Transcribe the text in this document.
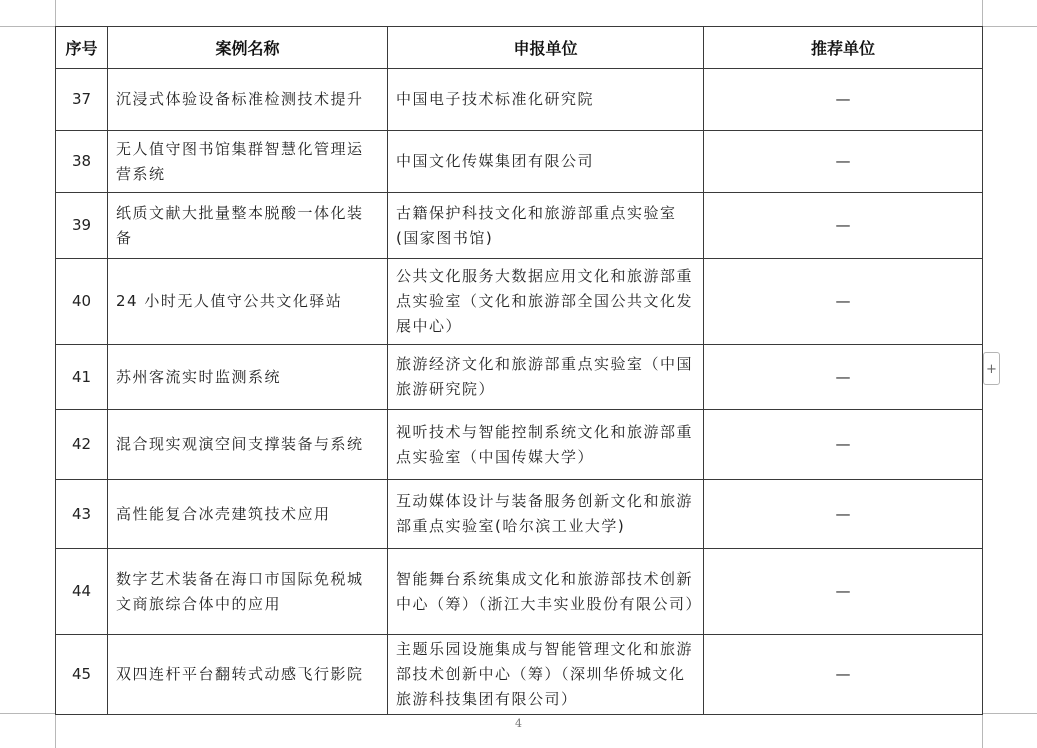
序号	案例名称	申报单位	推荐单位
37	沉浸式体验设备标准检测技术提升	中国电子技术标准化研究院	—
38	无人值守图书馆集群智慧化管理运营系统	中国文化传媒集团有限公司	—
39	纸质文献大批量整本脱酸一体化装备	古籍保护科技文化和旅游部重点实验室(国家图书馆)	—
40	24 小时无人值守公共文化驿站	公共文化服务大数据应用文化和旅游部重点实验室（文化和旅游部全国公共文化发展中心）	—
41	苏州客流实时监测系统	旅游经济文化和旅游部重点实验室（中国旅游研究院）	—
42	混合现实观演空间支撑装备与系统	视听技术与智能控制系统文化和旅游部重点实验室（中国传媒大学）	—
43	高性能复合冰壳建筑技术应用	互动媒体设计与装备服务创新文化和旅游部重点实验室(哈尔滨工业大学)	—
44	数字艺术装备在海口市国际免税城文商旅综合体中的应用	智能舞台系统集成文化和旅游部技术创新中心（筹）（浙江大丰实业股份有限公司）	—
45	双四连杆平台翻转式动感飞行影院	主题乐园设施集成与智能管理文化和旅游部技术创新中心（筹）（深圳华侨城文化旅游科技集团有限公司）	—
+
4
